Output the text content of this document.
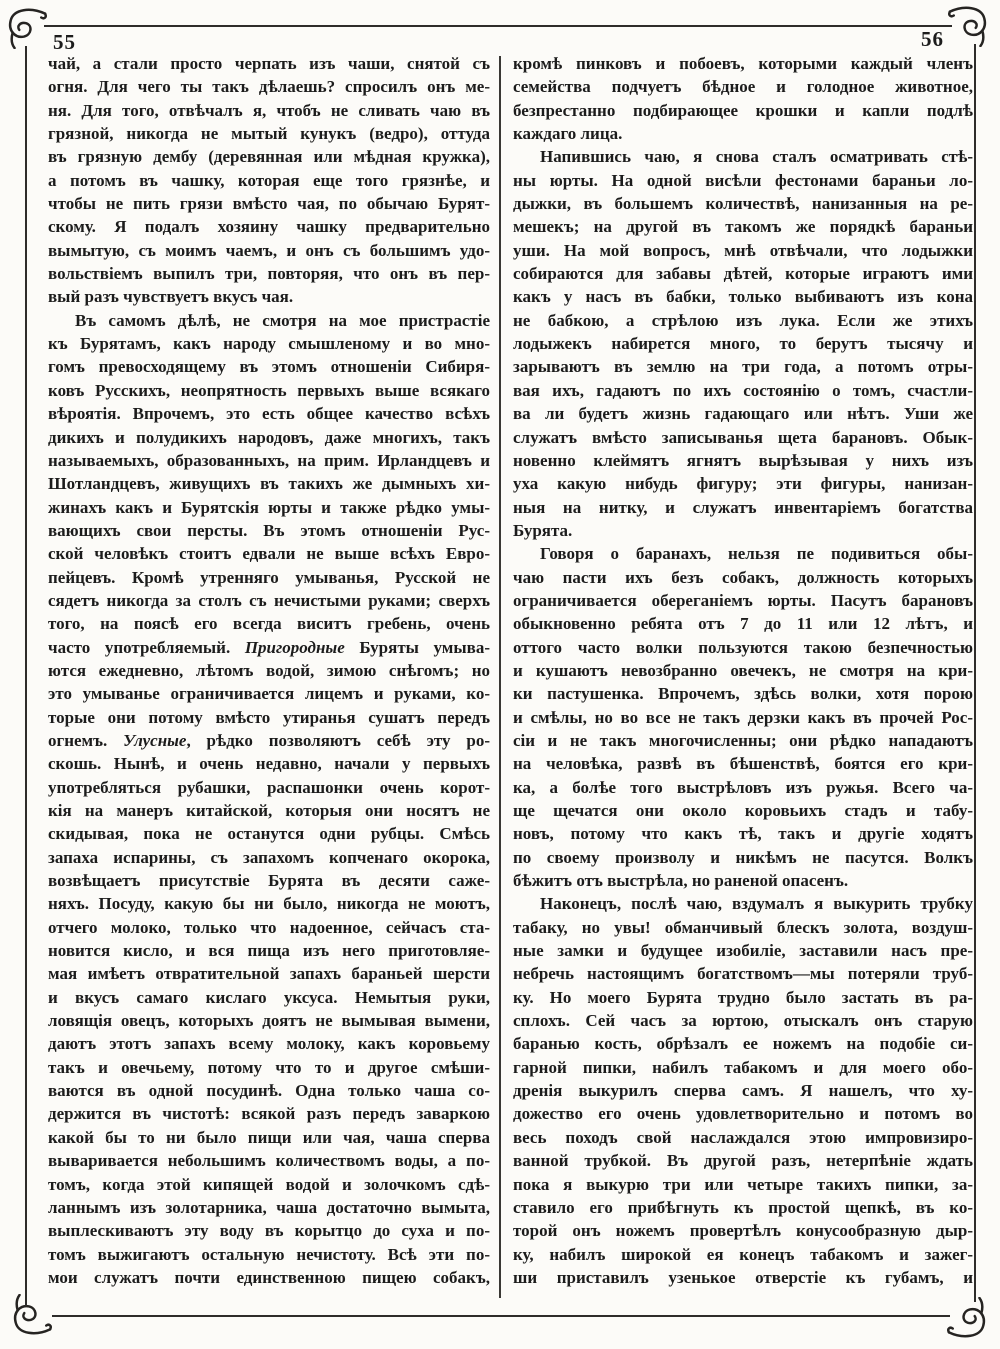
55	56
чай, а стали просто черпать изъ чаши, снятой съ
огня. Для чего ты такъ дѣлаешь? спросилъ онъ ме-
ня. Для того, отвѣчалъ я, чтобъ не сливать чаю въ
грязной, никогда не мытый кунукъ (ведро), оттуда
въ грязную дембу (деревянная или мѣдная кружка),
а потомъ въ чашку, которая еще того грязнѣе, и
чтобы не пить грязи вмѣсто чая, по обычаю Бурят-
скому. Я подалъ хозяину чашку предварительно
вымытую, съ моимъ чаемъ, и онъ съ большимъ удо-
вольствіемъ выпилъ три, повторяя, что онъ въ пер-
вый разъ чувствуетъ вкусъ чая.
Въ самомъ дѣлѣ, не смотря на мое пристрастіе
къ Бурятамъ, какъ народу смышленому и во мно-
гомъ превосходящему въ этомъ отношеніи Сибиря-
ковъ Русскихъ, неопрятность первыхъ выше всякаго
вѣроятія. Впрочемъ, это есть общее качество всѣхъ
дикихъ и полудикихъ народовъ, даже многихъ, такъ
называемыхъ, образованныхъ, на прим. Ирландцевъ и
Шотландцевъ, живущихъ въ такихъ же дымныхъ хи-
жинахъ какъ и Бурятскія юрты и также рѣдко умы-
вающихъ свои персты. Въ этомъ отношеніи Рус-
ской человѣкъ стоитъ едвали не выше всѣхъ Евро-
пейцевъ. Кромѣ утренняго умыванья, Русской не
сядетъ никогда за столъ съ нечистыми руками; сверхъ
того, на поясѣ его всегда виситъ гребень, очень
часто употребляемый. Пригородные Буряты умыва-
ются ежедневно, лѣтомъ водой, зимою снѣгомъ; но
это умыванье ограничивается лицемъ и руками, ко-
торые они потому вмѣсто утиранья сушатъ передъ
огнемъ. Улусные, рѣдко позволяютъ себѣ эту ро-
скошь. Нынѣ, и очень недавно, начали у первыхъ
употребляться рубашки, распашонки очень корот-
кія на манеръ китайской, которыя они носятъ не
скидывая, пока не останутся одни рубцы. Смѣсь
запаха испарины, съ запахомъ копченаго окорока,
возвѣщаетъ присутствіе Бурята въ десяти саже-
няхъ. Посуду, какую бы ни было, никогда не моютъ,
отчего молоко, только что надоенное, сейчасъ ста-
новится кисло, и вся пища изъ него приготовляе-
мая имѣетъ отвратительной запахъ бараньей шерсти
и вкусъ самаго кислаго уксуса. Немытыя руки,
ловящія овецъ, которыхъ доятъ не вымывая вымени,
даютъ этотъ запахъ всему молоку, какъ коровьему
такъ и овечьему, потому что то и другое смѣши-
ваются въ одной посудинѣ. Одна только чаша со-
держится въ чистотѣ: всякой разъ передъ заваркою
какой бы то ни было пищи или чая, чаша сперва
вываривается небольшимъ количествомъ воды, а по-
томъ, когда этой кипящей водой и золочкомъ сдѣ-
ланнымъ изъ золотарника, чаша достаточно вымыта,
выплескиваютъ эту воду въ корытцо до суха и по-
томъ выжигаютъ остальную нечистоту. Всѣ эти по-
мои служатъ почти единственною пищею собакъ,
кромѣ пинковъ и побоевъ, которыми каждый членъ
семейства подчуетъ бѣдное и голодное животное,
безпрестанно подбирающее крошки и капли подлѣ
каждаго лица.
Напившись чаю, я снова сталъ осматривать стѣ-
ны юрты. На одной висѣли фестонами бараньи ло-
дыжки, въ большемъ количествѣ, нанизанныя на ре-
мешекъ; на другой въ такомъ же порядкѣ бараньи
уши. На мой вопросъ, мнѣ отвѣчали, что лодыжки
собираются для забавы дѣтей, которые играютъ ими
какъ у насъ въ бабки, только выбиваютъ изъ кона
не бабкою, а стрѣлою изъ лука. Если же этихъ
лодыжекъ набирется много, то берутъ тысячу и
зарываютъ въ землю на три года, а потомъ отры-
вая ихъ, гадаютъ по ихъ состоянію о томъ, счастли-
ва ли будетъ жизнь гадающаго или нѣтъ. Уши же
служатъ вмѣсто записыванья щета барановъ. Обык-
новенно клеймятъ ягнятъ вырѣзывая у нихъ изъ
уха какую нибудь фигуру; эти фигуры, нанизан-
ныя на нитку, и служатъ инвентаріемъ богатства
Бурята.
Говоря о баранахъ, нельзя пе подивиться обы-
чаю пасти ихъ безъ собакъ, должность которыхъ
ограничивается обереганіемъ юрты. Пасутъ барановъ
обыкновенно ребята отъ 7 до 11 или 12 лѣтъ, и
оттого часто волки пользуются такою безпечностью
и кушаютъ невозбранно овечекъ, не смотря на кри-
ки пастушенка. Впрочемъ, здѣсь волки, хотя порою
и смѣлы, но во все не такъ дерзки какъ въ прочей Рос-
сіи и не такъ многочисленны; они рѣдко нападаютъ
на человѣка, развѣ въ бѣшенствѣ, боятся его кри-
ка, а болѣе того выстрѣловъ изъ ружья. Всего ча-
ще щечатся они около коровьихъ стадъ и табу-
новъ, потому что какъ тѣ, такъ и другіе ходятъ
по своему произволу и никѣмъ не пасутся. Волкъ
бѣжитъ отъ выстрѣла, но раненой опасенъ.
Наконецъ, послѣ чаю, вздумалъ я выкурить трубку
табаку, но увы! обманчивый блескъ золота, воздуш-
ные замки и будущее изобиліе, заставили насъ пре-
небречь настоящимъ богатствомъ—мы потеряли труб-
ку. Но моего Бурята трудно было застать въ ра-
сплохъ. Сей часъ за юртою, отыскалъ онъ старую
баранью кость, обрѣзалъ ее ножемъ на подобіе си-
гарной пипки, набилъ табакомъ и для моего обо-
дренія выкурилъ сперва самъ. Я нашелъ, что ху-
дожество его очень удовлетворительно и потомъ во
весь походъ свой наслаждался этою импровизиро-
ванной трубкой. Въ другой разъ, нетерпѣніе ждать
пока я выкурю три или четыре такихъ пипки, за-
ставило его прибѣгнуть къ простой щепкѣ, въ ко-
торой онъ ножемъ провертѣлъ конусообразную дыр-
ку, набилъ широкой ея конецъ табакомъ и зажег-
ши приставилъ узенькое отверстіе къ губамъ, и
